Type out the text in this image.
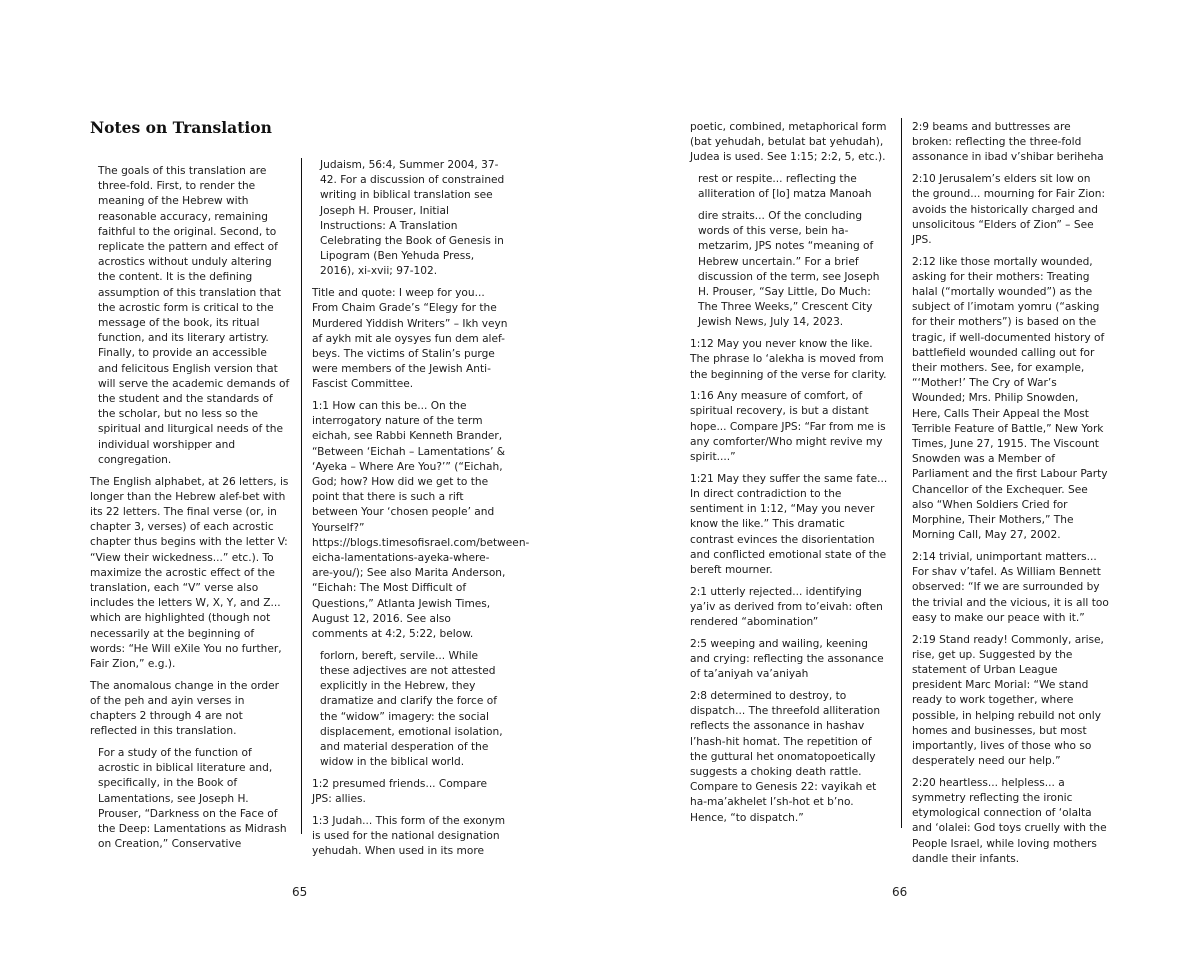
Notes on Translation

The goals of this translation are three-fold. First, to render the meaning of the Hebrew with reasonable accuracy, remaining faithful to the original. Second, to replicate the pattern and effect of acrostics without unduly altering the content. It is the defining assumption of this translation that the acrostic form is critical to the message of the book, its ritual function, and its literary artistry. Finally, to provide an accessible and felicitous English version that will serve the academic demands of the student and the standards of the scholar, but no less so the spiritual and liturgical needs of the individual worshipper and congregation.

The English alphabet, at 26 letters, is longer than the Hebrew alef-bet with its 22 letters. The final verse (or, in chapter 3, verses) of each acrostic chapter thus begins with the letter V: “View their wickedness...” etc.). To maximize the acrostic effect of the translation, each “V” verse also includes the letters W, X, Y, and Z... which are highlighted (though not necessarily at the beginning of words: “He Will eXile You no further, Fair Zion,” e.g.).

The anomalous change in the order of the peh and ayin verses in chapters 2 through 4 are not reflected in this translation.

For a study of the function of acrostic in biblical literature and, specifically, in the Book of Lamentations, see Joseph H. Prouser, “Darkness on the Face of the Deep: Lamentations as Midrash on Creation,” Conservative

Judaism, 56:4, Summer 2004, 37-42. For a discussion of constrained writing in biblical translation see Joseph H. Prouser, Initial Instructions: A Translation Celebrating the Book of Genesis in Lipogram (Ben Yehuda Press, 2016), xi-xvii; 97-102.

Title and quote: I weep for you... From Chaim Grade’s “Elegy for the Murdered Yiddish Writers” – Ikh veyn af aykh mit ale oysyes fun dem alef-beys. The victims of Stalin’s purge were members of the Jewish Anti-Fascist Committee.

1:1 How can this be... On the interrogatory nature of the term eichah, see Rabbi Kenneth Brander, “Between ‘Eichah – Lamentations’ & ‘Ayeka – Where Are You?’” (“Eichah, God; how? How did we get to the point that there is such a rift between Your ‘chosen people’ and Yourself?” https://blogs.timesofisrael.com/between-eicha-lamentations-ayeka-where-are-you/); See also Marita Anderson, “Eichah: The Most Difficult of Questions,” Atlanta Jewish Times, August 12, 2016. See also comments at 4:2, 5:22, below.

forlorn, bereft, servile... While these adjectives are not attested explicitly in the Hebrew, they dramatize and clarify the force of the “widow” imagery: the social displacement, emotional isolation, and material desperation of the widow in the biblical world.

1:2 presumed friends... Compare JPS: allies.

1:3 Judah... This form of the exonym is used for the national designation yehudah. When used in its more

65

poetic, combined, metaphorical form (bat yehudah, betulat bat yehudah), Judea is used. See 1:15; 2:2, 5, etc.).

rest or respite... reflecting the alliteration of [lo] matza Manoah

dire straits... Of the concluding words of this verse, bein ha-metzarim, JPS notes “meaning of Hebrew uncertain.” For a brief discussion of the term, see Joseph H. Prouser, “Say Little, Do Much: The Three Weeks,” Crescent City Jewish News, July 14, 2023.

1:12 May you never know the like. The phrase lo ‘alekha is moved from the beginning of the verse for clarity.

1:16 Any measure of comfort, of spiritual recovery, is but a distant hope... Compare JPS: “Far from me is any comforter/Who might revive my spirit....”

1:21 May they suffer the same fate... In direct contradiction to the sentiment in 1:12, “May you never know the like.” This dramatic contrast evinces the disorientation and conflicted emotional state of the bereft mourner.

2:1 utterly rejected... identifying ya’iv as derived from to’eivah: often rendered “abomination”

2:5 weeping and wailing, keening and crying: reflecting the assonance of ta’aniyah va’aniyah

2:8 determined to destroy, to dispatch... The threefold alliteration reflects the assonance in hashav l’hash-hit homat. The repetition of the guttural het onomatopoetically suggests a choking death rattle. Compare to Genesis 22: vayikah et ha-ma’akhelet l’sh-hot et b’no. Hence, “to dispatch.”

2:9 beams and buttresses are broken: reflecting the three-fold assonance in ibad v’shibar beriheha

2:10 Jerusalem’s elders sit low on the ground... mourning for Fair Zion: avoids the historically charged and unsolicitous “Elders of Zion” – See JPS.

2:12 like those mortally wounded, asking for their mothers: Treating halal (“mortally wounded”) as the subject of l’imotam yomru (“asking for their mothers”) is based on the tragic, if well-documented history of battlefield wounded calling out for their mothers. See, for example, “‘Mother!’ The Cry of War’s Wounded; Mrs. Philip Snowden, Here, Calls Their Appeal the Most Terrible Feature of Battle,” New York Times, June 27, 1915. The Viscount Snowden was a Member of Parliament and the first Labour Party Chancellor of the Exchequer. See also “When Soldiers Cried for Morphine, Their Mothers,” The Morning Call, May 27, 2002.

2:14 trivial, unimportant matters... For shav v’tafel. As William Bennett observed: “If we are surrounded by the trivial and the vicious, it is all too easy to make our peace with it.”

2:19 Stand ready! Commonly, arise, rise, get up. Suggested by the statement of Urban League president Marc Morial: “We stand ready to work together, where possible, in helping rebuild not only homes and businesses, but most importantly, lives of those who so desperately need our help.”

2:20 heartless... helpless... a symmetry reflecting the ironic etymological connection of ‘olalta and ‘olalei: God toys cruelly with the People Israel, while loving mothers dandle their infants.

66
